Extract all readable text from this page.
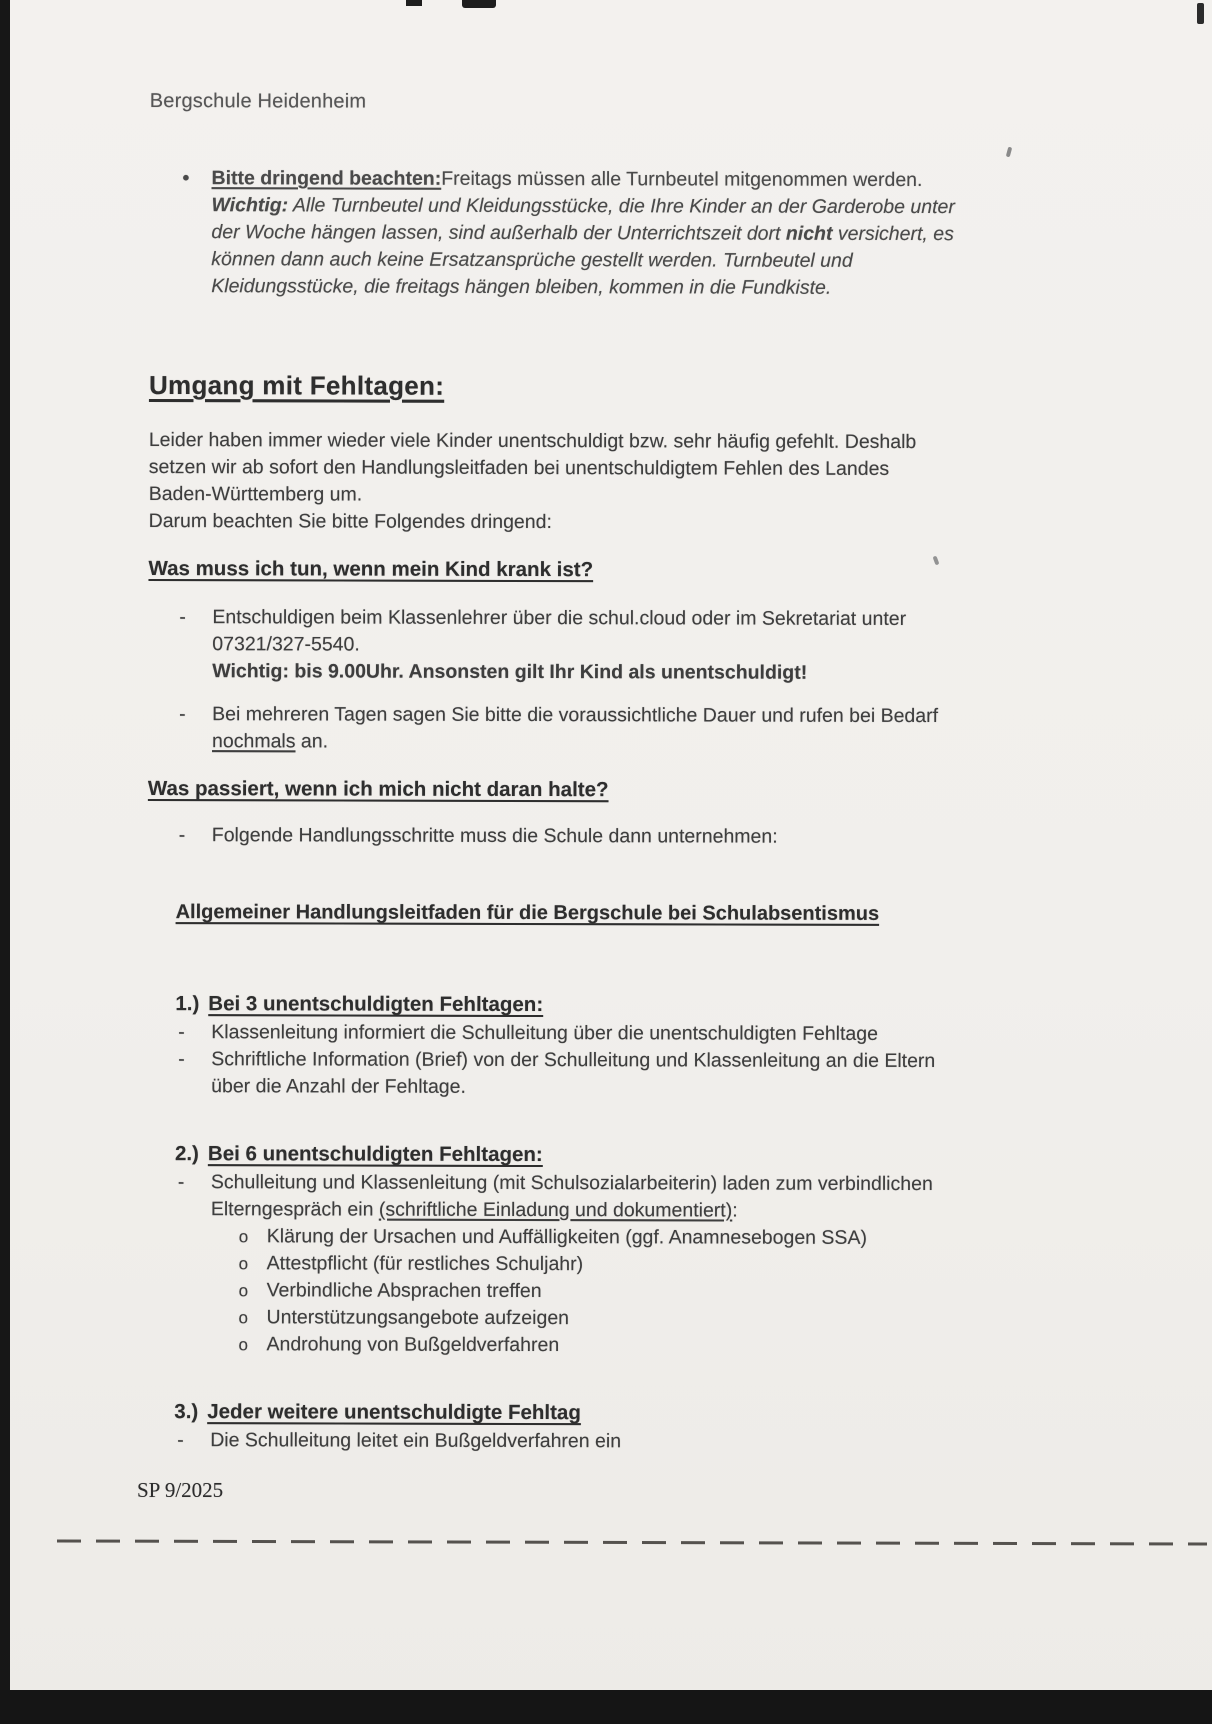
Bergschule Heidenheim
•	Bitte dringend beachten:Freitags müssen alle Turnbeutel mitgenommen werden.
Wichtig: Alle Turnbeutel und Kleidungsstücke, die Ihre Kinder an der Garderobe unter der Woche hängen lassen, sind außerhalb der Unterrichtszeit dort nicht versichert, es können dann auch keine Ersatzansprüche gestellt werden. Turnbeutel und Kleidungsstücke, die freitags hängen bleiben, kommen in die Fundkiste.
Umgang mit Fehltagen:
Leider haben immer wieder viele Kinder unentschuldigt bzw. sehr häufig gefehlt. Deshalb setzen wir ab sofort den Handlungsleitfaden bei unentschuldigtem Fehlen des Landes Baden-Württemberg um.
Darum beachten Sie bitte Folgendes dringend:
Was muss ich tun, wenn mein Kind krank ist?
-	Entschuldigen beim Klassenlehrer über die schul.cloud oder im Sekretariat unter 07321/327-5540.
Wichtig: bis 9.00Uhr. Ansonsten gilt Ihr Kind als unentschuldigt!
-	Bei mehreren Tagen sagen Sie bitte die voraussichtliche Dauer und rufen bei Bedarf nochmals an.
Was passiert, wenn ich mich nicht daran halte?
-	Folgende Handlungsschritte muss die Schule dann unternehmen:
Allgemeiner Handlungsleitfaden für die Bergschule bei Schulabsentismus
1.) Bei 3 unentschuldigten Fehltagen:
-	Klassenleitung informiert die Schulleitung über die unentschuldigten Fehltage
-	Schriftliche Information (Brief) von der Schulleitung und Klassenleitung an die Eltern über die Anzahl der Fehltage.
2.) Bei 6 unentschuldigten Fehltagen:
-	Schulleitung und Klassenleitung (mit Schulsozialarbeiterin) laden zum verbindlichen Elterngespräch ein (schriftliche Einladung und dokumentiert):
o Klärung der Ursachen und Auffälligkeiten (ggf. Anamnesebogen SSA)
o Attestpflicht (für restliches Schuljahr)
o Verbindliche Absprachen treffen
o Unterstützungsangebote aufzeigen
o Androhung von Bußgeldverfahren
3.) Jeder weitere unentschuldigte Fehltag
-	Die Schulleitung leitet ein Bußgeldverfahren ein
SP 9/2025
